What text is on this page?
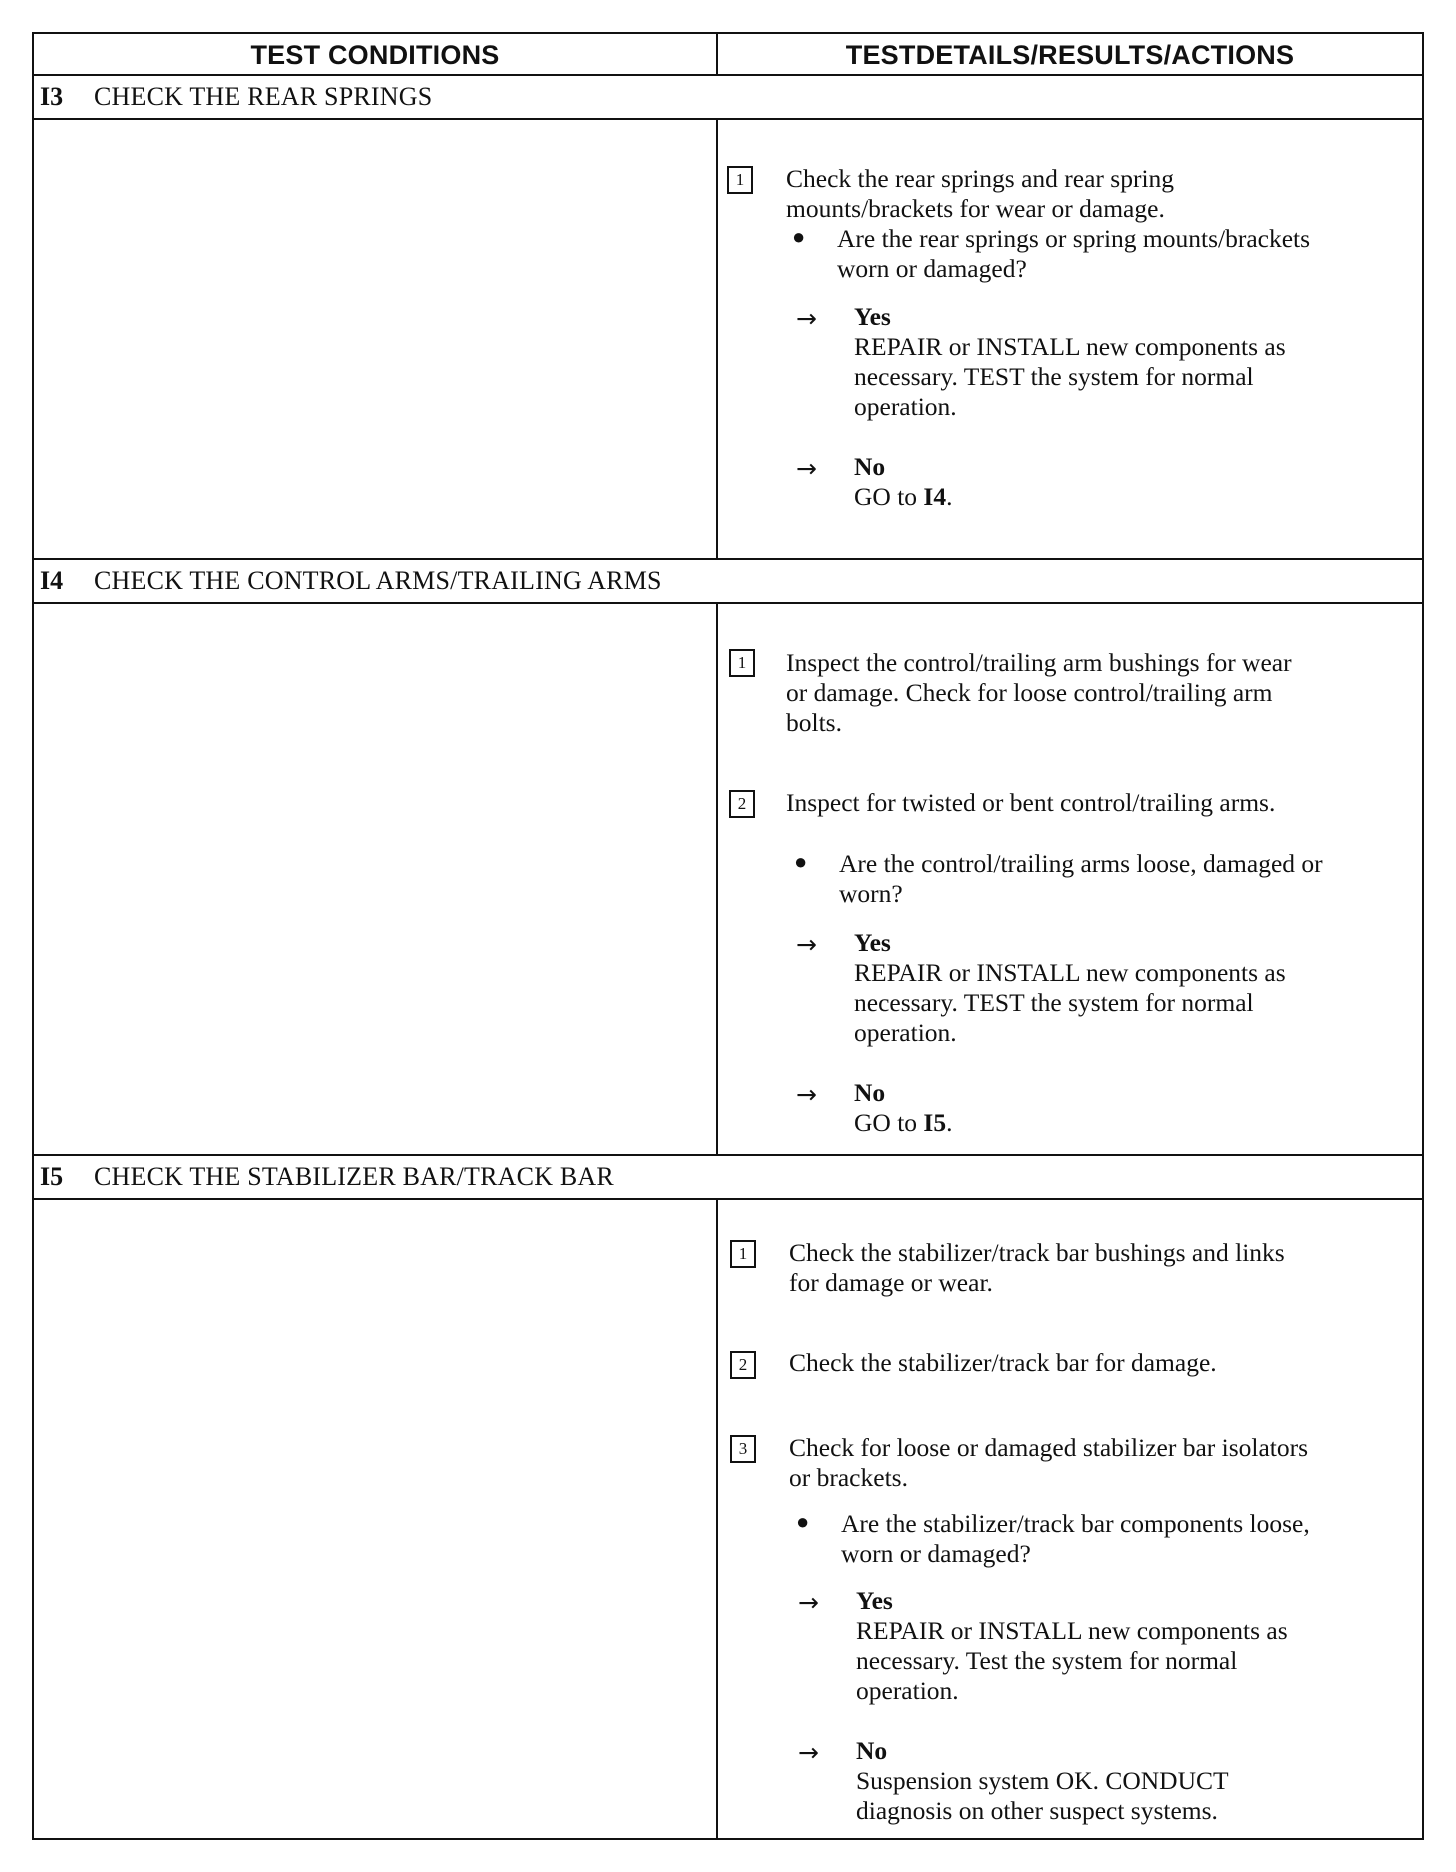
TEST CONDITIONS	TESTDETAILS/RESULTS/ACTIONS
I3 CHECK THE REAR SPRINGS
1	Check the rear springs and rear spring
mounts/brackets for wear or damage.
● Are the rear springs or spring mounts/brackets
worn or damaged?
→ Yes
REPAIR or INSTALL new components as
necessary. TEST the system for normal
operation.
→ No
GO to I4.
I4 CHECK THE CONTROL ARMS/TRAILING ARMS
1	Inspect the control/trailing arm bushings for wear
or damage. Check for loose control/trailing arm
bolts.
2	Inspect for twisted or bent control/trailing arms.
● Are the control/trailing arms loose, damaged or
worn?
→ Yes
REPAIR or INSTALL new components as
necessary. TEST the system for normal
operation.
→ No
GO to I5.
I5 CHECK THE STABILIZER BAR/TRACK BAR
1	Check the stabilizer/track bar bushings and links
for damage or wear.
2	Check the stabilizer/track bar for damage.
3	Check for loose or damaged stabilizer bar isolators
or brackets.
● Are the stabilizer/track bar components loose,
worn or damaged?
→ Yes
REPAIR or INSTALL new components as
necessary. Test the system for normal
operation.
→ No
Suspension system OK. CONDUCT
diagnosis on other suspect systems.
